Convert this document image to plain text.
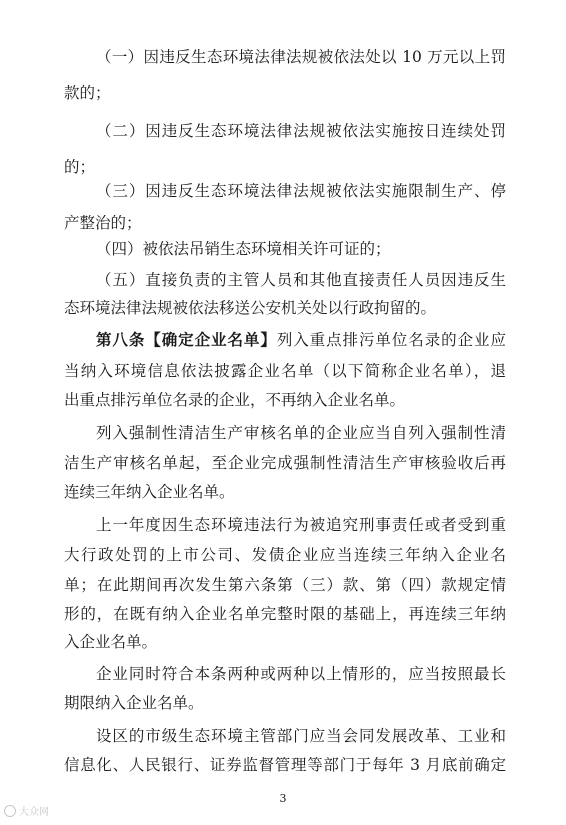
（一）因违反生态环境法律法规被依法处以 10 万元以上罚
款的；
（二）因违反生态环境法律法规被依法实施按日连续处罚
的；
（三）因违反生态环境法律法规被依法实施限制生产、停
产整治的；
（四）被依法吊销生态环境相关许可证的；
（五）直接负责的主管人员和其他直接责任人员因违反生
态环境法律法规被依法移送公安机关处以行政拘留的。
第八条【确定企业名单】列入重点排污单位名录的企业应
当纳入环境信息依法披露企业名单（以下简称企业名单），退
出重点排污单位名录的企业，不再纳入企业名单。
列入强制性清洁生产审核名单的企业应当自列入强制性清
洁生产审核名单起，至企业完成强制性清洁生产审核验收后再
连续三年纳入企业名单。
上一年度因生态环境违法行为被追究刑事责任或者受到重
大行政处罚的上市公司、发债企业应当连续三年纳入企业名
单；在此期间再次发生第六条第（三）款、第（四）款规定情
形的，在既有纳入企业名单完整时限的基础上，再连续三年纳
入企业名单。
企业同时符合本条两种或两种以上情形的，应当按照最长
期限纳入企业名单。
设区的市级生态环境主管部门应当会同发展改革、工业和
信息化、人民银行、证券监督管理等部门于每年 3 月底前确定
3
大众网
